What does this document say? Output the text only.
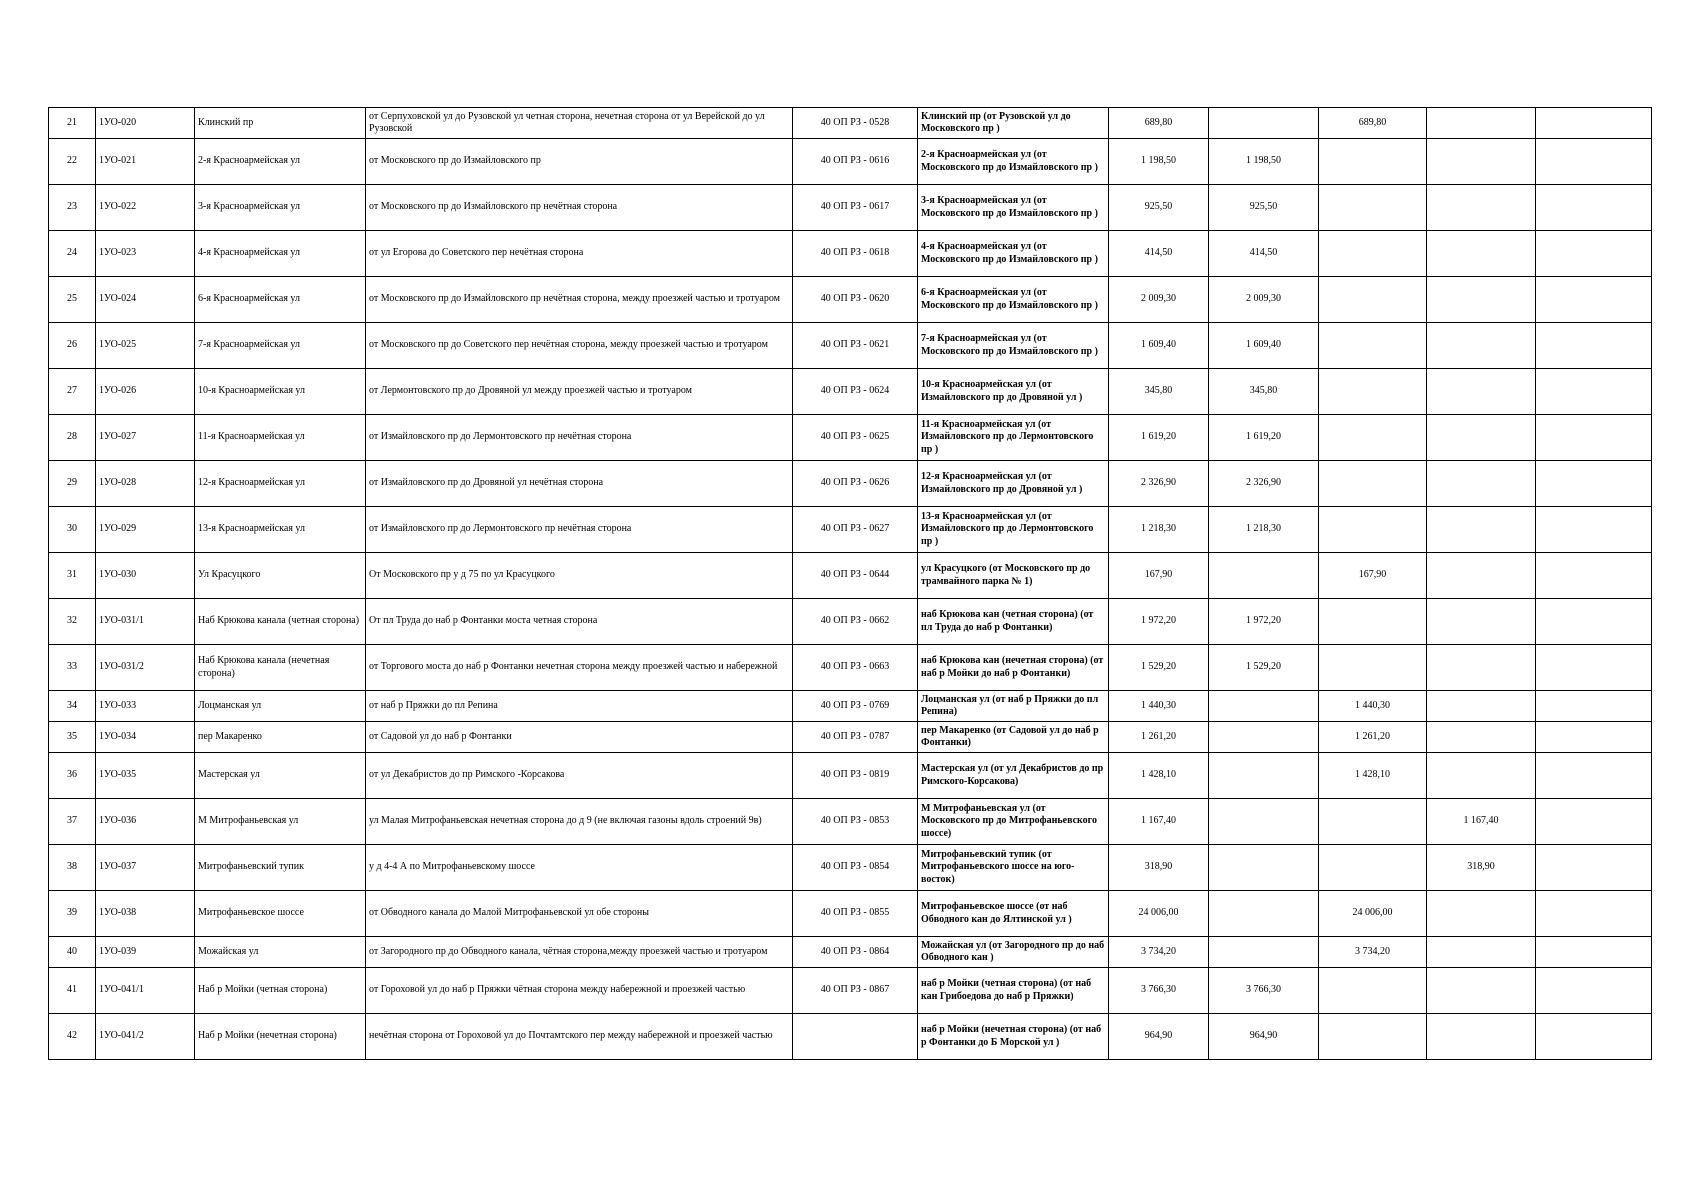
21	1УО-020	Клинский пр	от Серпуховской ул до Рузовской ул четная сторона, нечетная сторона от ул Верейской до ул Рузовской	40 ОП РЗ - 0528	Клинский пр (от Рузовской ул до Московского пр )	689,80		689,80		
22	1УО-021	2-я Красноармейская ул	от Московского пр до Измайловского пр	40 ОП РЗ - 0616	2-я Красноармейская ул (от Московского пр до Измайловского пр )	1 198,50	1 198,50			
23	1УО-022	3-я Красноармейская ул	от Московского пр до Измайловского пр нечётная сторона	40 ОП РЗ - 0617	3-я Красноармейская ул (от Московского пр до Измайловского пр )	925,50	925,50			
24	1УО-023	4-я Красноармейская ул	от ул Егорова до Советского пер нечётная сторона	40 ОП РЗ - 0618	4-я Красноармейская ул (от Московского пр до Измайловского пр )	414,50	414,50			
25	1УО-024	6-я Красноармейская ул	от Московского пр до Измайловского пр нечётная сторона, между проезжей частью и тротуаром	40 ОП РЗ - 0620	6-я Красноармейская ул (от Московского пр до Измайловского пр )	2 009,30	2 009,30			
26	1УО-025	7-я Красноармейская ул	от Московского пр до Советского пер нечётная сторона, между проезжей частью и тротуаром	40 ОП РЗ - 0621	7-я Красноармейская ул (от Московского пр до Измайловского пр )	1 609,40	1 609,40			
27	1УО-026	10-я Красноармейская ул	от Лермонтовского пр до Дровяной ул между проезжей частью и тротуаром	40 ОП РЗ - 0624	10-я Красноармейская ул (от Измайловского пр до Дровяной ул )	345,80	345,80			
28	1УО-027	11-я Красноармейская ул	от Измайловского пр до Лермонтовского пр нечётная сторона	40 ОП РЗ - 0625	11-я Красноармейская ул (от Измайловского пр до Лермонтовского пр )	1 619,20	1 619,20			
29	1УО-028	12-я Красноармейская ул	от Измайловского пр до Дровяной ул нечётная сторона	40 ОП РЗ - 0626	12-я Красноармейская ул (от Измайловского пр до Дровяной ул )	2 326,90	2 326,90			
30	1УО-029	13-я Красноармейская ул	от Измайловского пр до Лермонтовского пр нечётная сторона	40 ОП РЗ - 0627	13-я Красноармейская ул (от Измайловского пр до Лермонтовского пр )	1 218,30	1 218,30			
31	1УО-030	Ул Красуцкого	От Московского пр у д 75 по ул Красуцкого	40 ОП РЗ - 0644	ул Красуцкого (от Московского пр до трамвайного парка № 1)	167,90		167,90		
32	1УО-031/1	Наб Крюкова канала (четная сторона)	От пл Труда до наб р Фонтанки моста четная сторона	40 ОП РЗ - 0662	наб Крюкова кан (четная сторона) (от пл Труда до наб р Фонтанки)	1 972,20	1 972,20			
33	1УО-031/2	Наб Крюкова канала (нечетная сторона)	от Торгового моста до наб р Фонтанки нечетная сторона между проезжей частью и набережной	40 ОП РЗ - 0663	наб Крюкова кан (нечетная сторона) (от наб р Мойки до наб р Фонтанки)	1 529,20	1 529,20			
34	1УО-033	Лоцманская ул	от наб р Пряжки до пл Репина	40 ОП РЗ - 0769	Лоцманская ул (от наб р Пряжки до пл Репина)	1 440,30		1 440,30		
35	1УО-034	пер Макаренко	от Садовой ул до наб р Фонтанки	40 ОП РЗ - 0787	пер Макаренко (от Садовой ул до наб р Фонтанки)	1 261,20		1 261,20		
36	1УО-035	Мастерская ул	от ул Декабристов до пр Римского -Корсакова	40 ОП РЗ - 0819	Мастерская ул (от ул Декабристов до пр Римского-Корсакова)	1 428,10		1 428,10		
37	1УО-036	М Митрофаньевская ул	ул Малая Митрофаньевская нечетная сторона до д 9 (не включая газоны вдоль строений 9в)	40 ОП РЗ - 0853	М Митрофаньевская ул (от Московского пр до Митрофаньевского шоссе)	1 167,40			1 167,40	
38	1УО-037	Митрофаньевский тупик	у д 4-4 А по Митрофаньевскому шоссе	40 ОП РЗ - 0854	Митрофаньевский тупик (от Митрофаньевского шоссе на юго-восток)	318,90			318,90	
39	1УО-038	Митрофаньевское шоссе	от Обводного канала до Малой Митрофаньевской ул обе стороны	40 ОП РЗ - 0855	Митрофаньевское шоссе (от наб Обводного кан до Ялтинской ул )	24 006,00		24 006,00		
40	1УО-039	Можайская ул	от Загородного пр до Обводного канала, чётная сторона,между проезжей частью и тротуаром	40 ОП РЗ - 0864	Можайская ул (от Загородного пр до наб Обводного кан )	3 734,20		3 734,20		
41	1УО-041/1	Наб р Мойки (четная сторона)	от Гороховой ул до наб р Пряжки чётная сторона между набережной и проезжей частью	40 ОП РЗ - 0867	наб р Мойки (четная сторона) (от наб кан Грибоедова до наб р Пряжки)	3 766,30	3 766,30			
42	1УО-041/2	Наб р Мойки (нечетная сторона)	нечётная сторона от Гороховой ул до Почтамтского пер между набережной и проезжей частью		наб р Мойки (нечетная сторона) (от наб р Фонтанки до Б Морской ул )	964,90	964,90			
